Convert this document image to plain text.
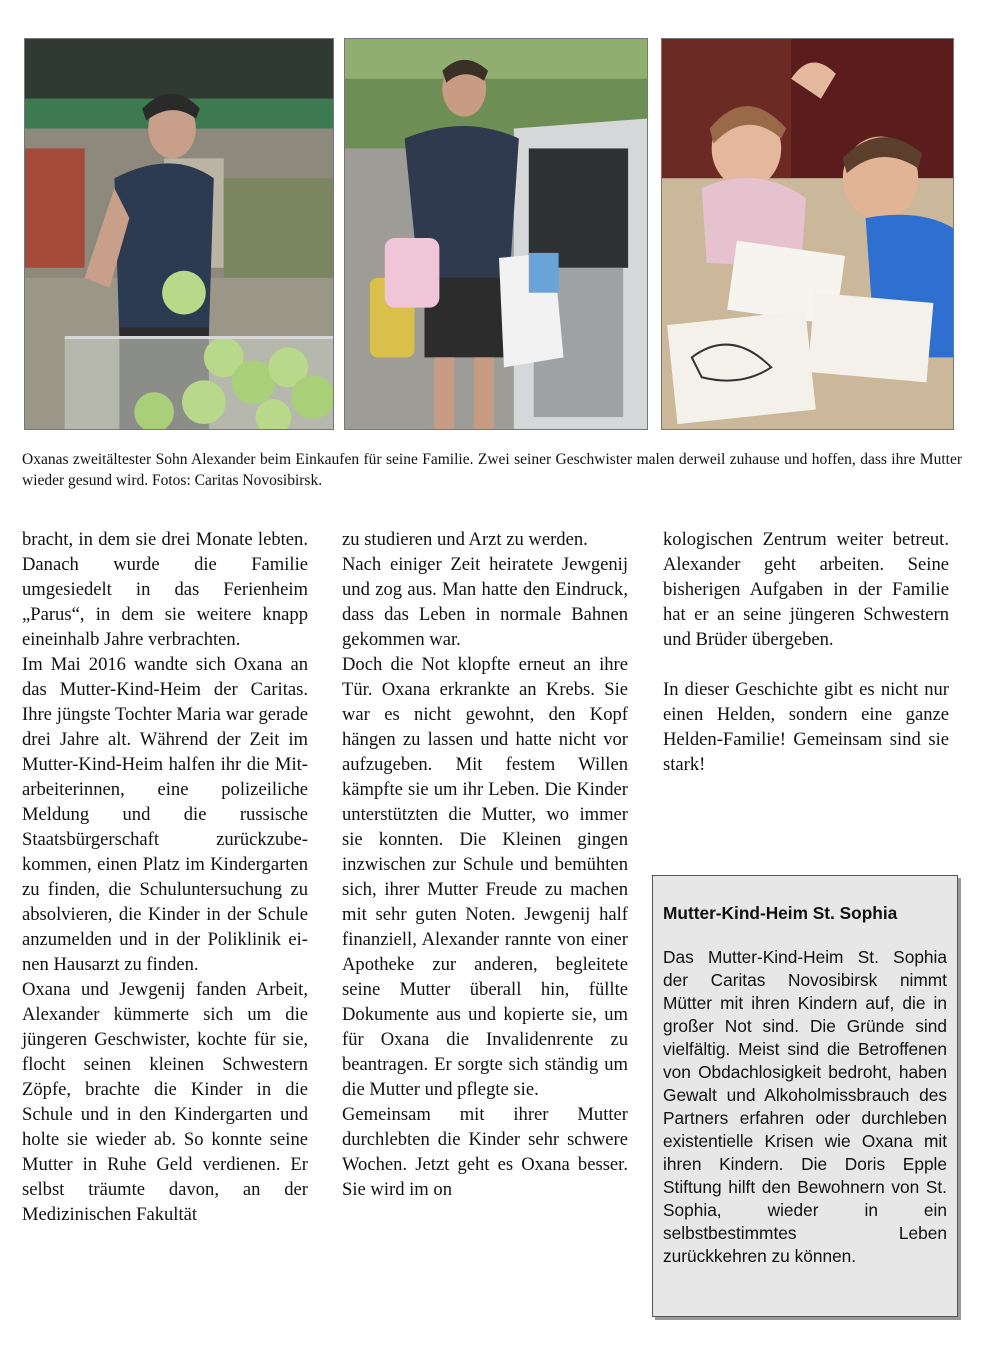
Oxanas zweitältester Sohn Alexander beim Einkaufen für seine Familie. Zwei seiner Geschwister malen derweil zuhause und hoffen, dass ihre Mutter wieder gesund wird. Fotos: Caritas Novosibirsk.

bracht, in dem sie drei Monate lebten. Danach wurde die Familie umgesiedelt in das Ferienheim „Parus“, in dem sie weitere knapp eineinhalb Jahre verbrachten.

Im Mai 2016 wandte sich Oxana an das Mutter-Kind-Heim der Caritas. Ihre jüngste Tochter Maria war gerade drei Jahre alt. Während der Zeit im Mutter-Kind-Heim halfen ihr die Mitarbeiterinnen, eine polizeiliche Meldung und die russische Staatsbürgerschaft zurückzubekommen, einen Platz im Kindergarten zu finden, die Schuluntersuchung zu absolvieren, die Kinder in der Schule anzumelden und in der Poliklinik einen Hausarzt zu finden.

Oxana und Jewgenij fanden Arbeit, Alexander kümmerte sich um die jüngeren Geschwister, kochte für sie, flocht seinen kleinen Schwestern Zöpfe, brachte die Kinder in die Schule und in den Kindergarten und holte sie wieder ab. So konnte seine Mutter in Ruhe Geld verdienen. Er selbst träumte davon, an der Medizinischen Fakultät

zu studieren und Arzt zu werden.

Nach einiger Zeit heiratete Jewgenij und zog aus. Man hatte den Eindruck, dass das Leben in normale Bahnen gekommen war.

Doch die Not klopfte erneut an ihre Tür. Oxana erkrankte an Krebs. Sie war es nicht gewohnt, den Kopf hängen zu lassen und hatte nicht vor aufzugeben. Mit festem Willen kämpfte sie um ihr Leben. Die Kinder unterstützten die Mutter, wo immer sie konnten. Die Kleinen gingen inzwischen zur Schule und bemühten sich, ihrer Mutter Freude zu machen mit sehr guten Noten. Jewgenij half finanziell, Alexander rannte von einer Apotheke zur anderen, begleitete seine Mutter überall hin, füllte Dokumente aus und kopierte sie, um für Oxana die Invalidenrente zu beantragen. Er sorgte sich ständig um die Mutter und pflegte sie.

Gemeinsam mit ihrer Mutter durchlebten die Kinder sehr schwere Wochen. Jetzt geht es Oxana besser. Sie wird im on

kologischen Zentrum weiter betreut. Alexander geht arbeiten. Seine bisherigen Aufgaben in der Familie hat er an seine jüngeren Schwestern und Brüder übergeben.

In dieser Geschichte gibt es nicht nur einen Helden, sondern eine ganze Helden-Familie! Gemeinsam sind sie stark!

Mutter-Kind-Heim St. Sophia

Das Mutter-Kind-Heim St. Sophia der Caritas Novosibirsk nimmt Mütter mit ihren Kindern auf, die in großer Not sind. Die Gründe sind vielfältig. Meist sind die Betroffenen von Obdachlosigkeit bedroht, haben Gewalt und Alkoholmissbrauch des Partners erfahren oder durchleben existentielle Krisen wie Oxana mit ihren Kindern. Die Doris Epple Stiftung hilft den Bewohnern von St. Sophia, wieder in ein selbstbestimmtes Leben zurückkehren zu können.
